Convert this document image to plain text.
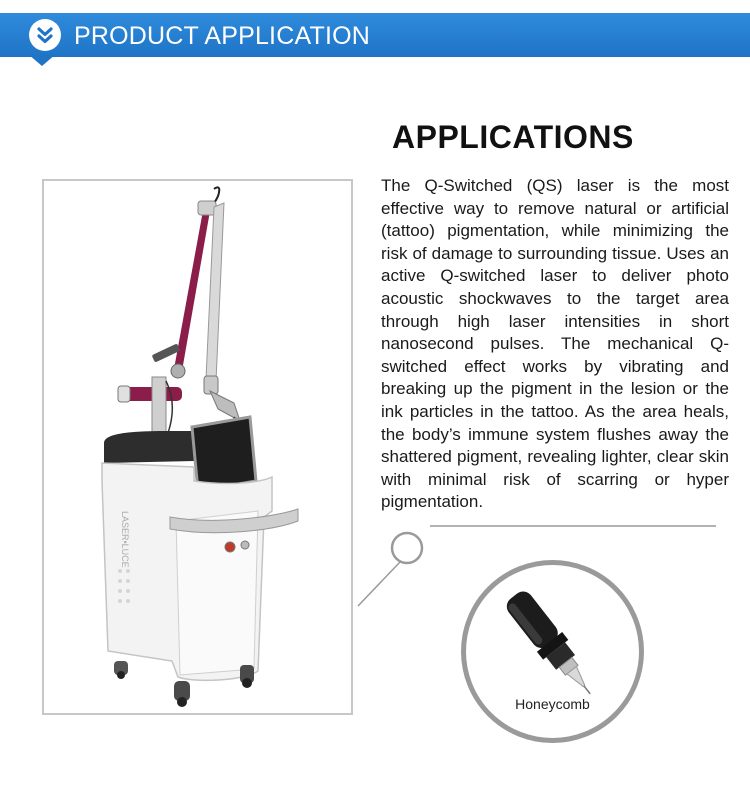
PRODUCT APPLICATION
LASER•LUCE
APPLICATIONS

The Q-Switched (QS) laser is the most effective way to remove natural or artificial (tattoo) pigmentation, while minimizing the risk of damage to surrounding tissue. Uses an active Q-switched laser to deliver photo acoustic shockwaves to the target area through high laser intensities in short nanosecond pulses. The mechanical Q-switched effect works by vibrating and breaking up the pigment in the lesion or the ink particles in the tattoo. As the area heals, the body’s immune system flushes away the shattered pigment, revealing lighter, clear skin with minimal risk of scarring or hyper pigmentation.

Honeycomb
